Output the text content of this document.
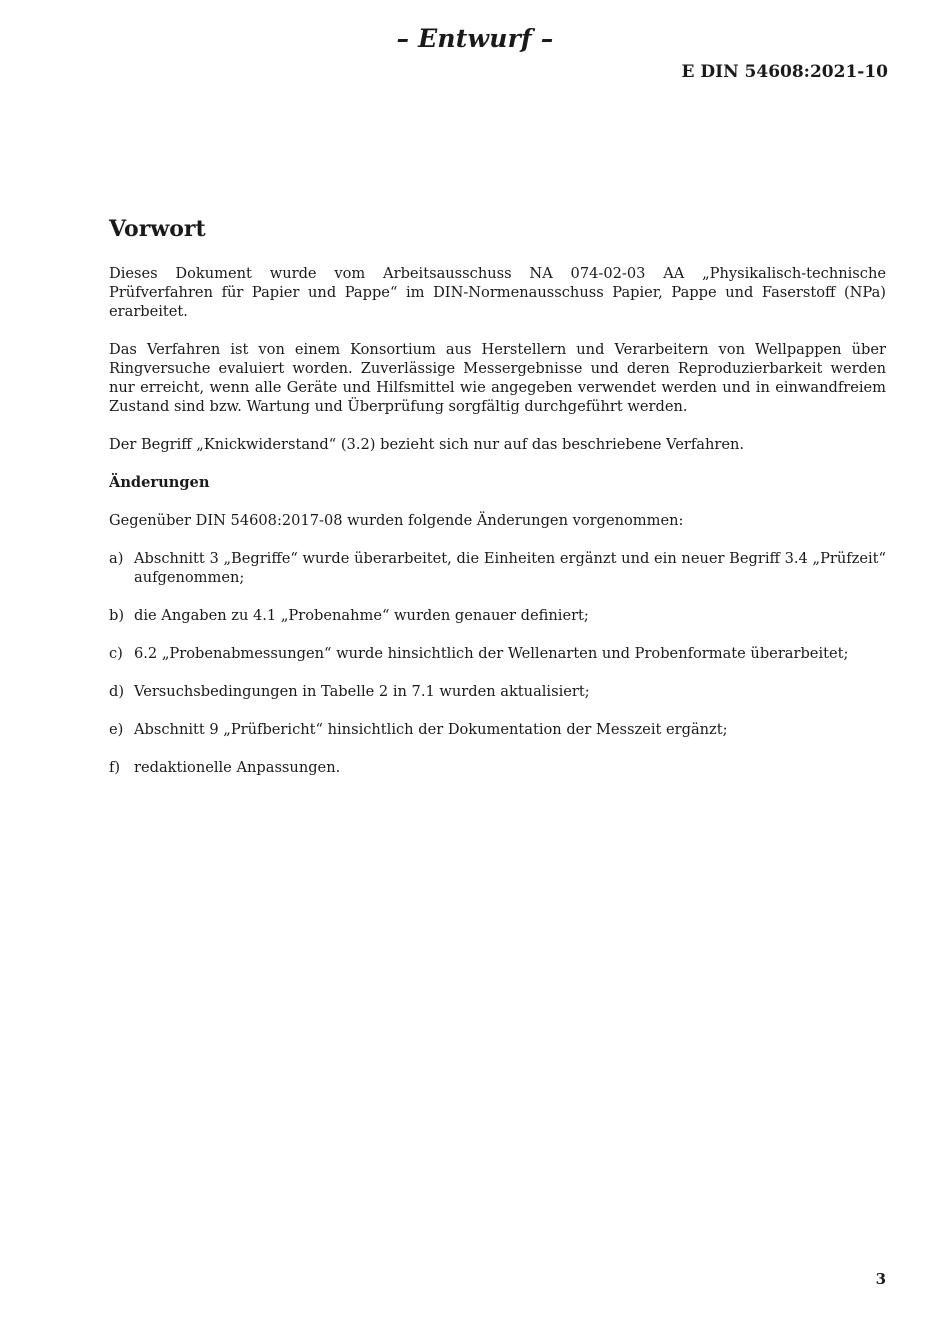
– Entwurf –
E DIN 54608:2021-10
Vorwort

Dieses Dokument wurde vom Arbeitsausschuss NA 074-02-03 AA „Physikalisch-technische Prüfverfahren für Papier und Pappe“ im DIN-Normenausschuss Papier, Pappe und Faserstoff (NPa) erarbeitet.

Das Verfahren ist von einem Konsortium aus Herstellern und Verarbeitern von Wellpappen über Ringversuche evaluiert worden. Zuverlässige Messergebnisse und deren Reproduzierbarkeit werden nur erreicht, wenn alle Geräte und Hilfsmittel wie angegeben verwendet werden und in einwandfreiem Zustand sind bzw. Wartung und Überprüfung sorgfältig durchgeführt werden.

Der Begriff „Knickwiderstand“ (3.2) bezieht sich nur auf das beschriebene Verfahren.

Änderungen

Gegenüber DIN 54608:2017-08 wurden folgende Änderungen vorgenommen:

a) Abschnitt 3 „Begriffe“ wurde überarbeitet, die Einheiten ergänzt und ein neuer Begriff 3.4 „Prüfzeit“ aufgenommen;
b) die Angaben zu 4.1 „Probenahme“ wurden genauer definiert;
c) 6.2 „Probenabmessungen“ wurde hinsichtlich der Wellenarten und Probenformate überarbeitet;
d) Versuchsbedingungen in Tabelle 2 in 7.1 wurden aktualisiert;
e) Abschnitt 9 „Prüfbericht“ hinsichtlich der Dokumentation der Messzeit ergänzt;
f) redaktionelle Anpassungen.
3
